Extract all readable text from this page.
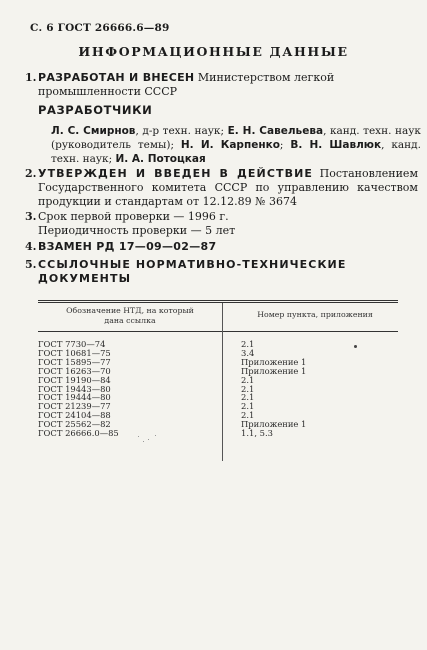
С. 6 ГОСТ 26666.6—89
ИНФОРМАЦИОННЫЕ ДАННЫЕ
1. РАЗРАБОТАН И ВНЕСЕН Министерством легкой промышленности СССР
РАЗРАБОТЧИКИ
Л. С. Смирнов, д-р техн. наук; Е. Н. Савельева, канд. техн. наук (руководитель темы); Н. И. Карпенко; В. Н. Шавлюк, канд. техн. наук; И. А. Потоцкая
2. УТВЕРЖДЕН И ВВЕДЕН В ДЕЙСТВИЕ Постановлением Государственного комитета СССР по управлению качеством продукции и стандартам от 12.12.89 № 3674
3. Срок первой проверки — 1996 г.
Периодичность проверки — 5 лет
4. ВЗАМЕН РД 17—09—02—87
5. ССЫЛОЧНЫЕ НОРМАТИВНО-ТЕХНИЧЕСКИЕ ДОКУМЕНТЫ
Обозначение НТД, на который дана ссылка
Номер пункта, приложения
ГОСТ 7730—74	2.1
ГОСТ 10681—75	3.4
ГОСТ 15895—77	Приложение 1
ГОСТ 16263—70	Приложение 1
ГОСТ 19190—84	2.1
ГОСТ 19443—80	2.1
ГОСТ 19444—80	2.1
ГОСТ 21239—77	2.1
ГОСТ 24104—88	2.1
ГОСТ 25562—82	Приложение 1
ГОСТ 26666.0—85	1.1, 5.3
